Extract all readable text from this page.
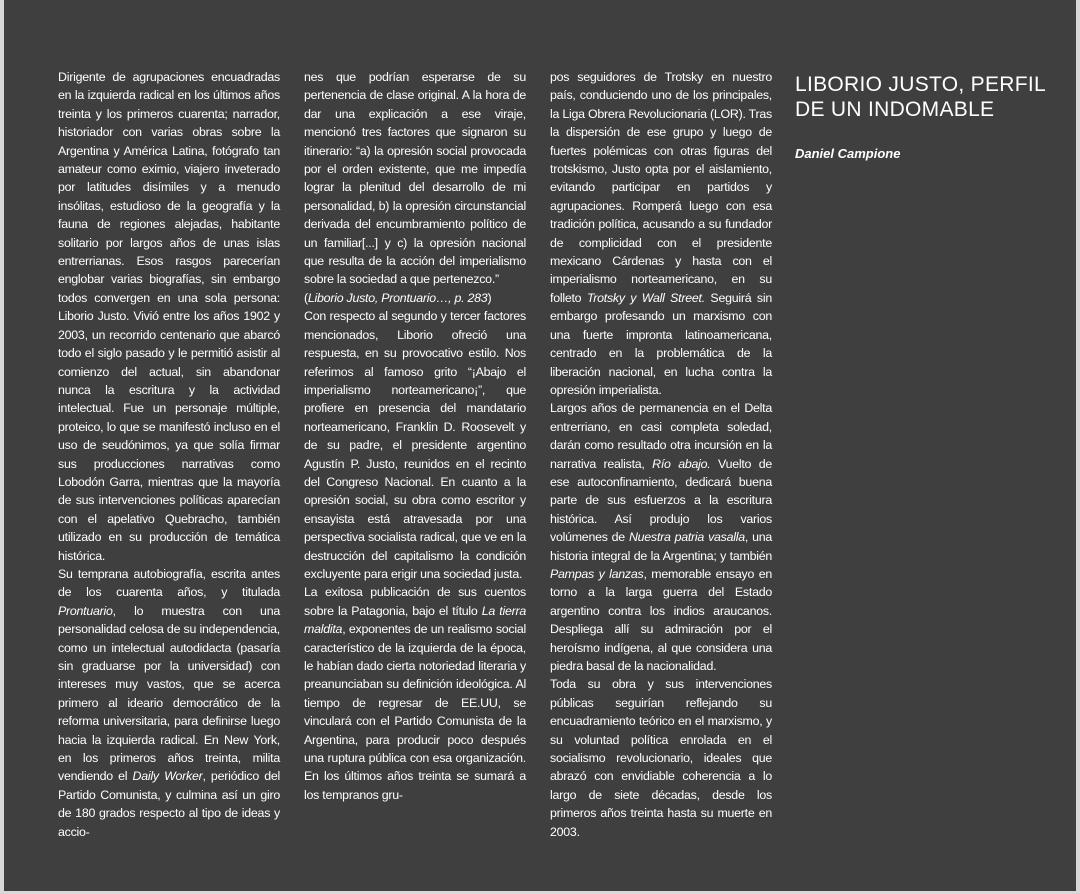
Dirigente de agrupaciones encuadradas en la izquierda radical en los últimos años treinta y los primeros cuarenta; narrador, historiador con varias obras sobre la Argentina y América Latina, fotógrafo tan amateur como eximio, viajero inveterado por latitudes disímiles y a menudo insólitas, estudioso de la geografía y la fauna de regiones alejadas, habitante solitario por largos años de unas islas entrerrianas. Esos rasgos parecerían englobar varias biografías, sin embargo todos convergen en una sola persona: Liborio Justo. Vivió entre los años 1902 y 2003, un recorrido centenario que abarcó todo el siglo pasado y le permitió asistir al comienzo del actual, sin abandonar nunca la escritura y la actividad intelectual. Fue un personaje múltiple, proteico, lo que se manifestó incluso en el uso de seudónimos, ya que solía firmar sus producciones narrativas como Lobodón Garra, mientras que la mayoría de sus intervenciones políticas aparecían con el apelativo Quebracho, también utilizado en su producción de temática histórica.

Su temprana autobiografía, escrita antes de los cuarenta años, y titulada Prontuario, lo muestra con una personalidad celosa de su independencia, como un intelectual autodidacta (pasaría sin graduarse por la universidad) con intereses muy vastos, que se acerca primero al ideario democrático de la reforma universitaria, para definirse luego hacia la izquierda radical. En New York, en los primeros años treinta, milita vendiendo el Daily Worker, periódico del Partido Comunista, y culmina así un giro de 180 grados respecto al tipo de ideas y accio-

nes que podrían esperarse de su pertenencia de clase original. A la hora de dar una explicación a ese viraje, mencionó tres factores que signaron su itinerario: “a) la opresión social provocada por el orden existente, que me impedía lograr la plenitud del desarrollo de mi personalidad, b) la opresión circunstancial derivada del encumbramiento político de un familiar[...] y c) la opresión nacional que resulta de la acción del imperialismo sobre la sociedad a que pertenezco.”

(Liborio Justo, Prontuario…, p. 283)

Con respecto al segundo y tercer factores mencionados, Liborio ofreció una respuesta, en su provocativo estilo. Nos referimos al famoso grito “¡Abajo el imperialismo norteamericano¡”, que profiere en presencia del mandatario norteamericano, Franklin D. Roosevelt y de su padre, el presidente argentino Agustín P. Justo, reunidos en el recinto del Congreso Nacional. En cuanto a la opresión social, su obra como escritor y ensayista está atravesada por una perspectiva socialista radical, que ve en la destrucción del capitalismo la condición excluyente para erigir una sociedad justa.

La exitosa publicación de sus cuentos sobre la Patagonia, bajo el título La tierra maldita, exponentes de un realismo social característico de la izquierda de la época, le habían dado cierta notoriedad literaria y preanunciaban su definición ideológica. Al tiempo de regresar de EE.UU, se vinculará con el Partido Comunista de la Argentina, para producir poco después una ruptura pública con esa organización. En los últimos años treinta se sumará a los tempranos gru-

pos seguidores de Trotsky en nuestro país, conduciendo uno de los principales, la Liga Obrera Revolucionaria (LOR). Tras la dispersión de ese grupo y luego de fuertes polémicas con otras figuras del trotskismo, Justo opta por el aislamiento, evitando participar en partidos y agrupaciones. Romperá luego con esa tradición política, acusando a su fundador de complicidad con el presidente mexicano Cárdenas y hasta con el imperialismo norteamericano, en su folleto Trotsky y Wall Street. Seguirá sin embargo profesando un marxismo con una fuerte impronta latinoamericana, centrado en la problemática de la liberación nacional, en lucha contra la opresión imperialista.

Largos años de permanencia en el Delta entrerriano, en casi completa soledad, darán como resultado otra incursión en la narrativa realista, Río abajo. Vuelto de ese autoconfinamiento, dedicará buena parte de sus esfuerzos a la escritura histórica. Así produjo los varios volúmenes de Nuestra patria vasalla, una historia integral de la Argentina; y también Pampas y lanzas, memorable ensayo en torno a la larga guerra del Estado argentino contra los indios araucanos. Despliega allí su admiración por el heroísmo indígena, al que considera una piedra basal de la nacionalidad.

Toda su obra y sus intervenciones públicas seguirían reflejando su encuadramiento teórico en el marxismo, y su voluntad política enrolada en el socialismo revolucionario, ideales que abrazó con envidiable coherencia a lo largo de siete décadas, desde los primeros años treinta hasta su muerte en 2003.

LIBORIO JUSTO, PERFIL
DE UN INDOMABLE
Daniel Campione
